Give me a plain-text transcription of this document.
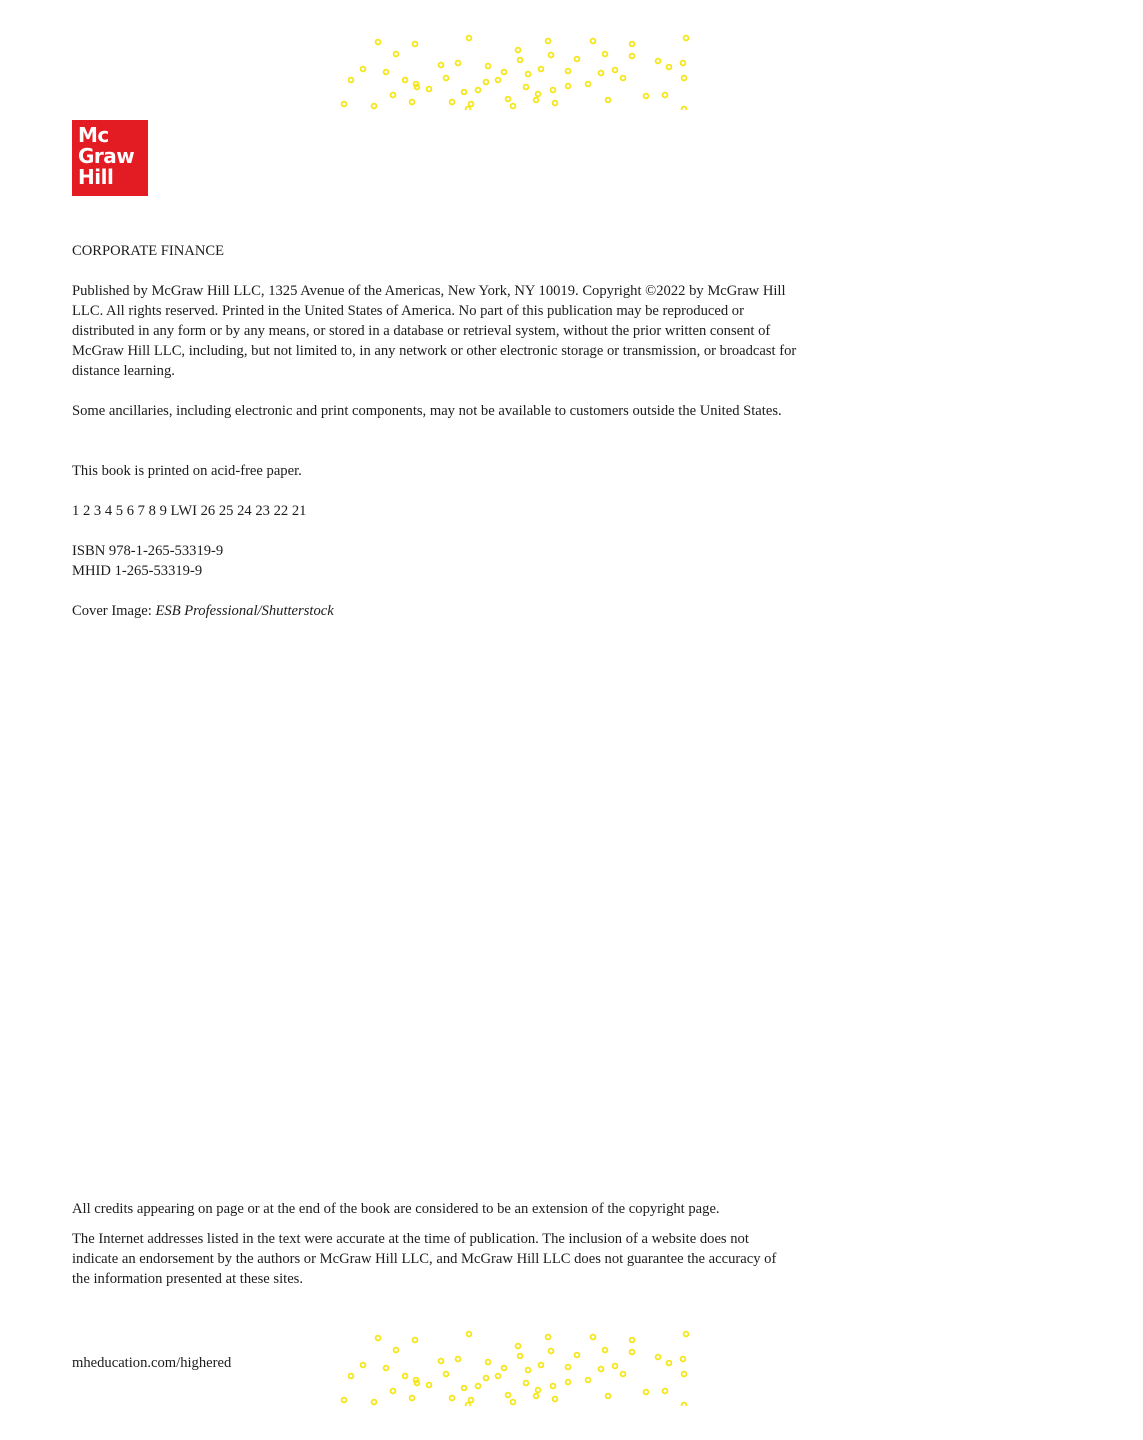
Mc
Graw
Hill
CORPORATE FINANCE
Published by McGraw Hill LLC, 1325 Avenue of the Americas, New York, NY 10019. Copyright ©2022 by McGraw Hill LLC. All rights reserved. Printed in the United States of America. No part of this publication may be reproduced or distributed in any form or by any means, or stored in a database or retrieval system, without the prior written consent of McGraw Hill LLC, including, but not limited to, in any network or other electronic storage or transmission, or broadcast for distance learning.
Some ancillaries, including electronic and print components, may not be available to customers outside the United States.
This book is printed on acid-free paper.
1 2 3 4 5 6 7 8 9 LWI 26 25 24 23 22 21

ISBN 978-1-265-53319-9

MHID 1-265-53319-9

Cover Image: ESB Professional/Shutterstock
All credits appearing on page or at the end of the book are considered to be an extension of the copyright page.
The Internet addresses listed in the text were accurate at the time of publication. The inclusion of a website does not indicate an endorsement by the authors or McGraw Hill LLC, and McGraw Hill LLC does not guarantee the accuracy of the information presented at these sites.
mheducation.com/highered
